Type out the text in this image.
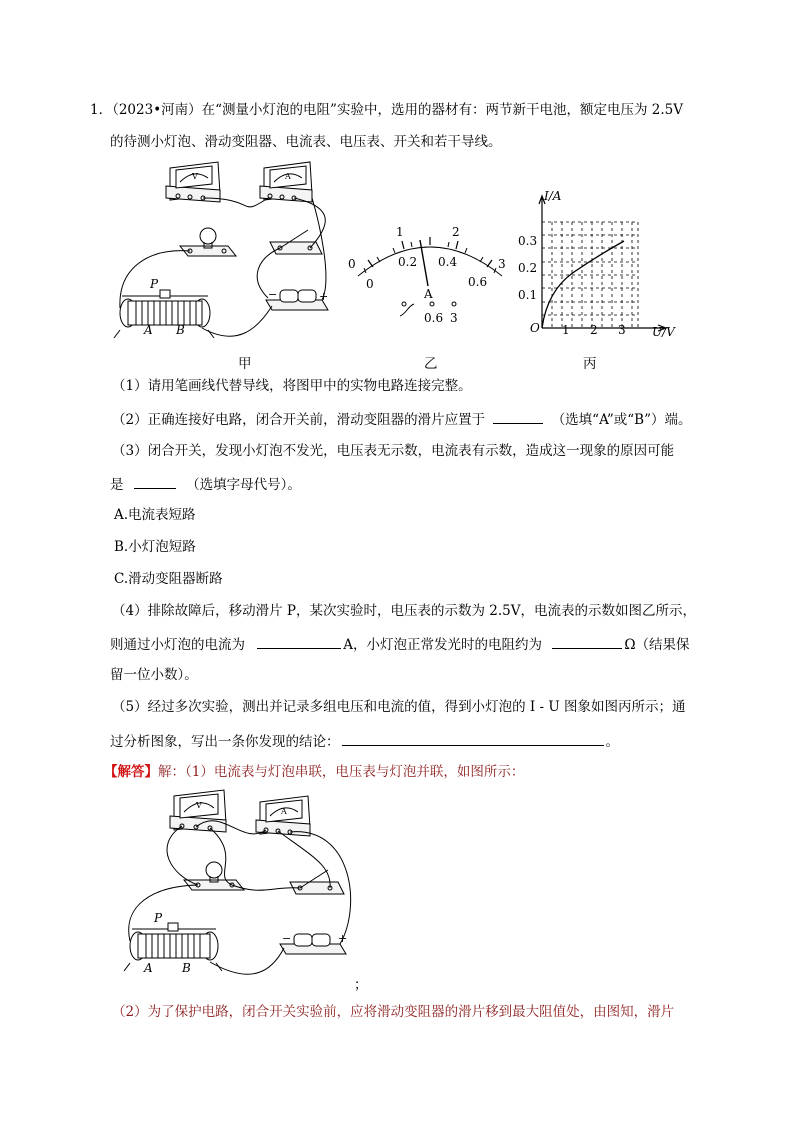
1．（2023•河南）在“测量小灯泡的电阻”实验中，选用的器材有：两节新干电池，额定电压为 2.5V
的待测小灯泡、滑动变阻器、电流表、电压表、开关和若干导线。
V	A
P
A B
−	+
0
1	2
3
0
0.2 0.4
0.6
A
0.6 3
I/A
U/V
O 1 2 3
0.1
0.2
0.3
甲	乙	丙
（1）请用笔画线代替导线，将图甲中的实物电路连接完整。
（2）正确连接好电路，闭合开关前，滑动变阻器的滑片应置于	（选填“A”或“B”）端。
（3）闭合开关，发现小灯泡不发光，电压表无示数，电流表有示数，造成这一现象的原因可能
是	（选填字母代号）。
A.电流表短路
B.小灯泡短路
C.滑动变阻器断路
（4）排除故障后，移动滑片 P，某次实验时，电压表的示数为 2.5V，电流表的示数如图乙所示，
则通过小灯泡的电流为	A，小灯泡正常发光时的电阻约为	Ω（结果保
留一位小数）。
（5）经过多次实验，测出并记录多组电压和电流的值，得到小灯泡的 I - U 图象如图丙所示；通
过分析图象，写出一条你发现的结论：	。
【解答】解：（1）电流表与灯泡串联，电压表与灯泡并联，如图所示：
V
A
P
A B
−	+
；
（2）为了保护电路，闭合开关实验前，应将滑动变阻器的滑片移到最大阻值处，由图知，滑片
